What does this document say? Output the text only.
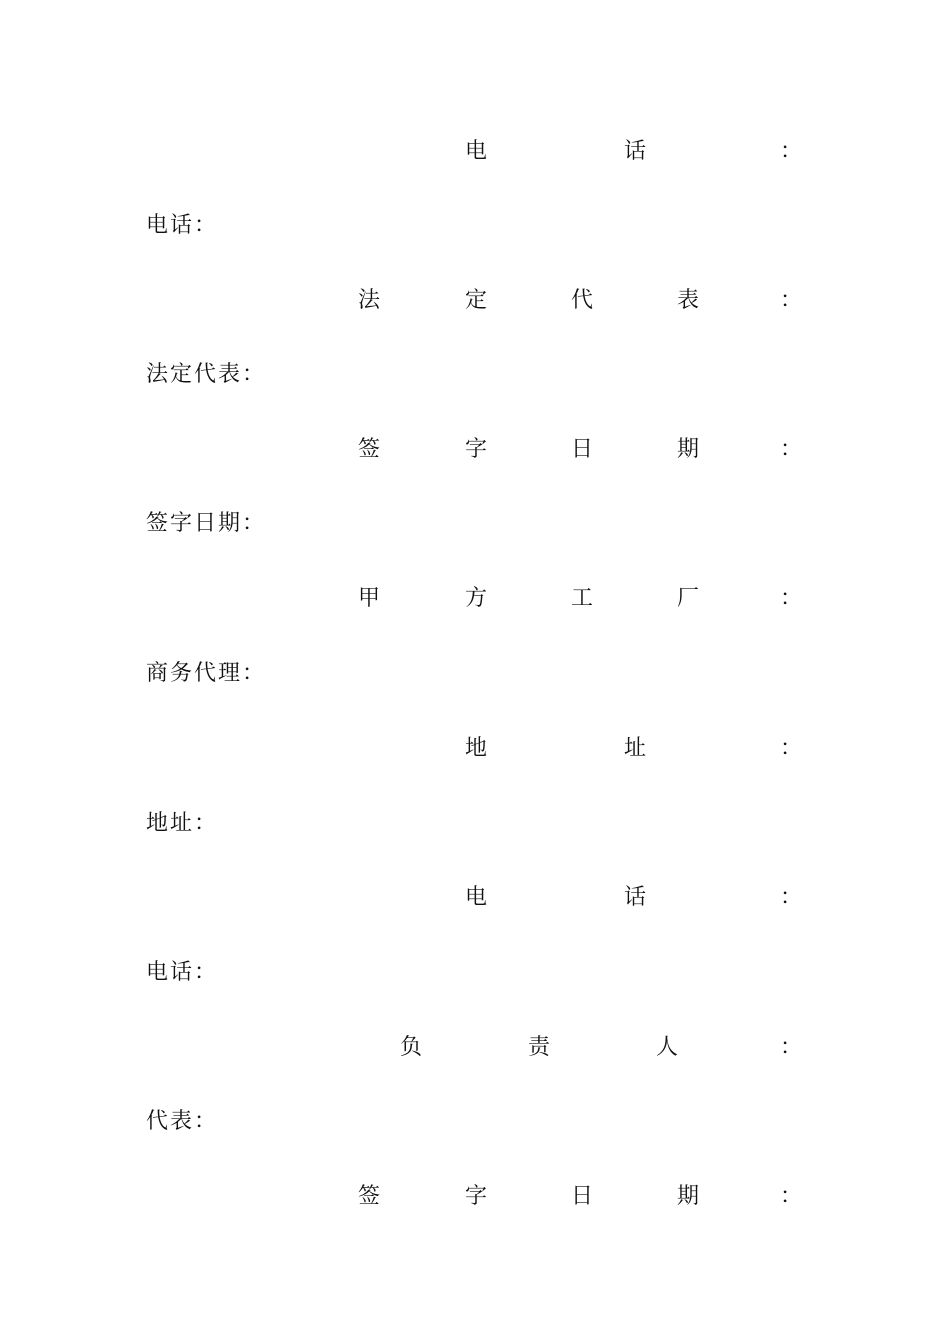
电	话	：
电话：
法	定	代	表	：
法定代表：
签	字	日	期	：
签字日期：
甲	方	工	厂	：
商务代理：
地	址	：
地址：
电	话	：
电话：
负	责	人	：
代表：
签	字	日	期	：
